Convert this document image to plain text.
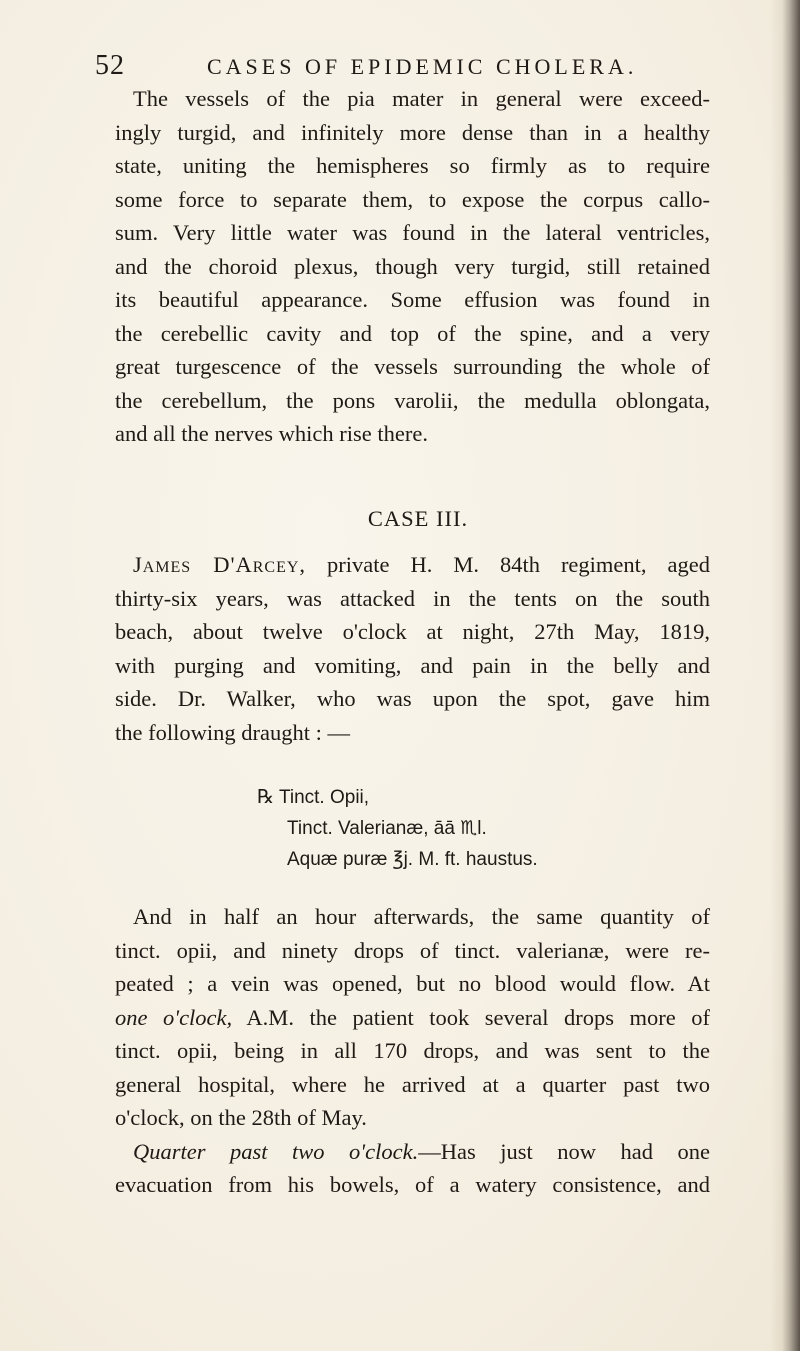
52	CASES OF EPIDEMIC CHOLERA.
The vessels of the pia mater in general were exceed-
ingly turgid, and infinitely more dense than in a healthy
state, uniting the hemispheres so firmly as to require
some force to separate them, to expose the corpus callo-
sum. Very little water was found in the lateral ventricles,
and the choroid plexus, though very turgid, still retained
its beautiful appearance. Some effusion was found in
the cerebellic cavity and top of the spine, and a very
great turgescence of the vessels surrounding the whole of
the cerebellum, the pons varolii, the medulla oblongata,
and all the nerves which rise there.
CASE III.
James D'Arcey, private H. M. 84th regiment, aged
thirty-six years, was attacked in the tents on the south
beach, about twelve o'clock at night, 27th May, 1819,
with purging and vomiting, and pain in the belly and
side. Dr. Walker, who was upon the spot, gave him
the following draught : —
℞ Tinct. Opii,
Tinct. Valerianæ, āā ♏l.
Aquæ puræ ℥j. M. ft. haustus.
And in half an hour afterwards, the same quantity of
tinct. opii, and ninety drops of tinct. valerianæ, were re-
peated ; a vein was opened, but no blood would flow. At
one o'clock, A.M. the patient took several drops more of
tinct. opii, being in all 170 drops, and was sent to the
general hospital, where he arrived at a quarter past two
o'clock, on the 28th of May.
Quarter past two o'clock.—Has just now had one
evacuation from his bowels, of a watery consistence, and
